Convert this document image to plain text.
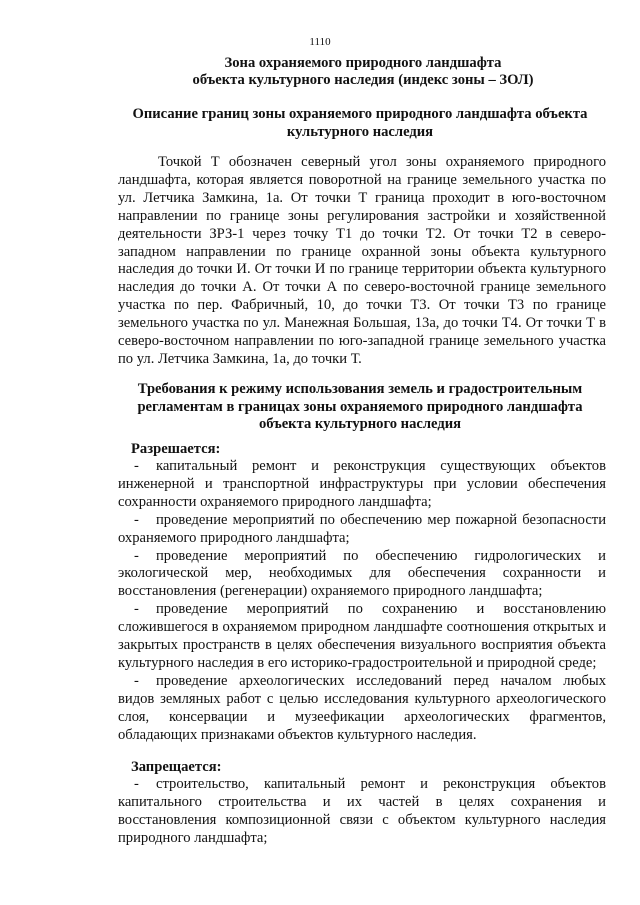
1110
Зона охраняемого природного ландшафта
объекта культурного наследия (индекс зоны – ЗОЛ)
Описание границ зоны охраняемого природного ландшафта объекта
культурного наследия

Точкой Т обозначен северный угол зоны охраняемого природного ландшафта, которая является поворотной на границе земельного участка по ул. Летчика Замкина, 1а. От точки Т граница проходит в юго-восточном направлении по границе зоны регулирования застройки и хозяйственной деятельности ЗРЗ-1 через точку Т1 до точки Т2. От точки Т2 в северо-западном направлении по границе охранной зоны объекта культурного наследия до точки И. От точки И по границе территории объекта культурного наследия до точки А. От точки А по северо-восточной границе земельного участка по пер. Фабричный, 10, до точки Т3. От точки Т3 по границе земельного участка по ул. Манежная Большая, 13а, до точки Т4. От точки Т в северо-восточном направлении по юго-западной границе земельного участка по ул. Летчика Замкина, 1а, до точки Т.

Требования к режиму использования земель и градостроительным
регламентам в границах зоны охраняемого природного ландшафта
объекта культурного наследия
Разрешается:

- капитальный ремонт и реконструкция существующих объектов инженерной и транспортной инфраструктуры при условии обеспечения сохранности охраняемого природного ландшафта;

- проведение мероприятий по обеспечению мер пожарной безопасности охраняемого природного ландшафта;

- проведение мероприятий по обеспечению гидрологических и экологической мер, необходимых для обеспечения сохранности и восстановления (регенерации) охраняемого природного ландшафта;

- проведение мероприятий по сохранению и восстановлению сложившегося в охраняемом природном ландшафте соотношения открытых и закрытых пространств в целях обеспечения визуального восприятия объекта культурного наследия в его историко-градостроительной и природной среде;

- проведение археологических исследований перед началом любых видов земляных работ с целью исследования культурного археологического слоя, консервации и музеефикации археологических фрагментов, обладающих признаками объектов культурного наследия.

Запрещается:

- строительство, капитальный ремонт и реконструкция объектов капитального строительства и их частей в целях сохранения и восстановления композиционной связи с объектом культурного наследия природного ландшафта;
